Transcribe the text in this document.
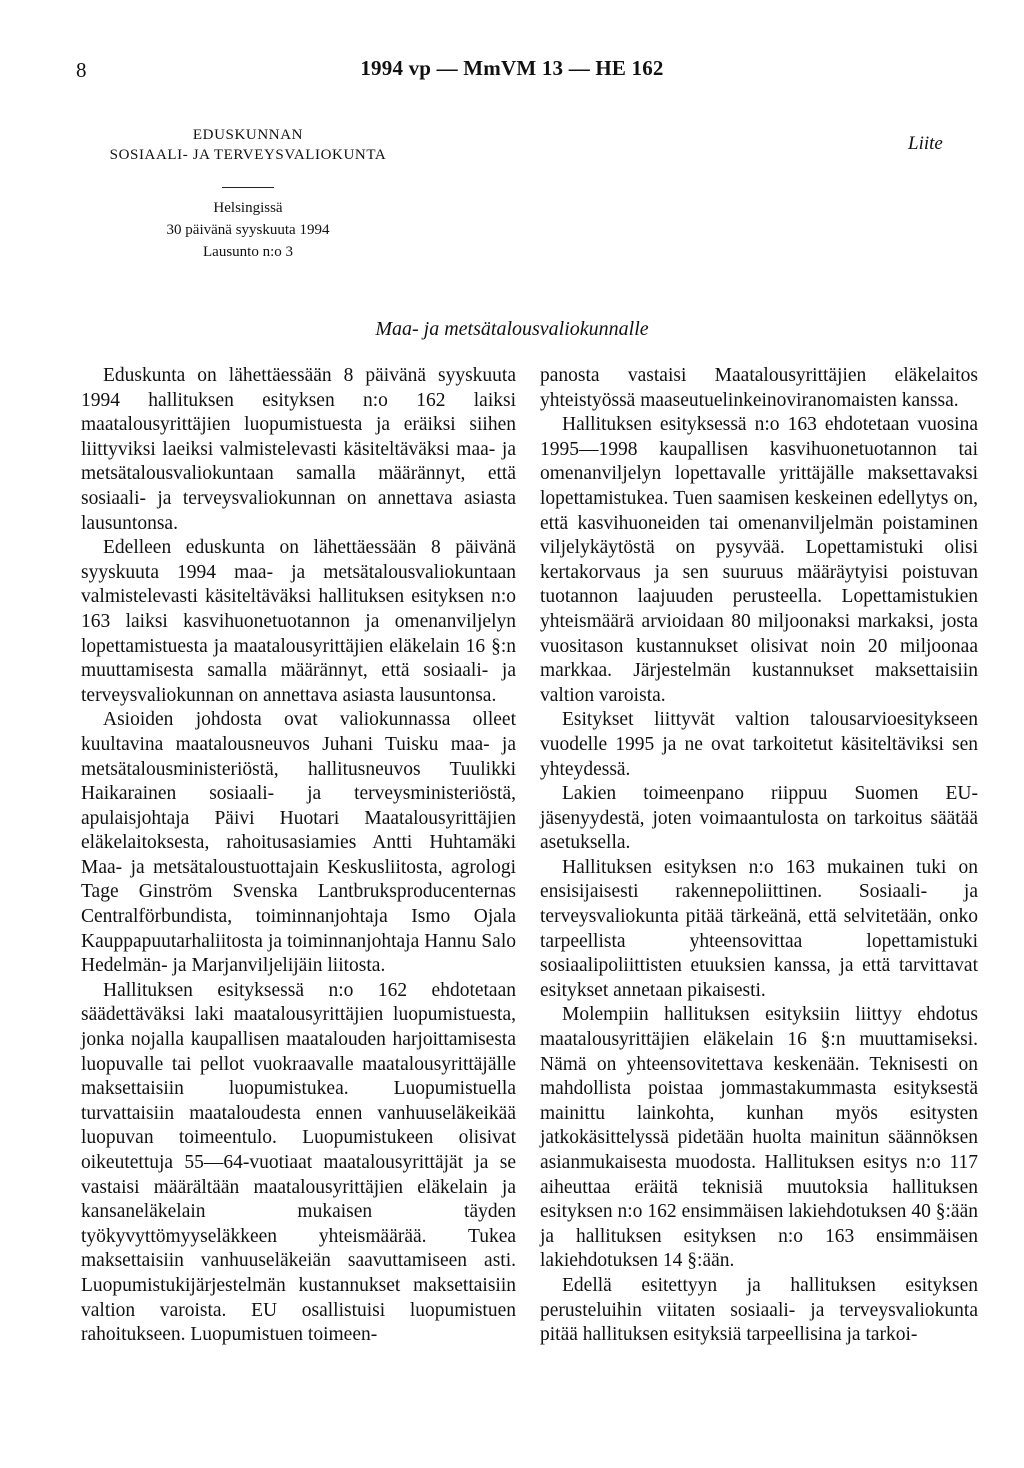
8	1994 vp — MmVM 13 — HE 162
EDUSKUNNAN
SOSIAALI- JA TERVEYSVALIOKUNTA
Helsingissä
30 päivänä syyskuuta 1994
Lausunto n:o 3
Liite
Maa- ja metsätalousvaliokunnalle

Eduskunta on lähettäessään 8 päivänä syyskuuta 1994 hallituksen esityksen n:o 162 laiksi maatalousyrittäjien luopumistuesta ja eräiksi siihen liittyviksi laeiksi valmistelevasti käsiteltäväksi maa- ja metsätalousvaliokuntaan samalla määrännyt, että sosiaali- ja terveysvaliokunnan on annettava asiasta lausuntonsa.

Edelleen eduskunta on lähettäessään 8 päivänä syyskuuta 1994 maa- ja metsätalousvaliokuntaan valmistelevasti käsiteltäväksi hallituksen esityksen n:o 163 laiksi kasvihuonetuotannon ja omenanviljelyn lopettamistuesta ja maatalousyrittäjien eläkelain 16 §:n muuttamisesta samalla määrännyt, että sosiaali- ja terveysvaliokunnan on annettava asiasta lausuntonsa.

Asioiden johdosta ovat valiokunnassa olleet kuultavina maatalousneuvos Juhani Tuisku maa- ja metsätalousministeriöstä, hallitusneuvos Tuulikki Haikarainen sosiaali- ja terveysministeriöstä, apulaisjohtaja Päivi Huotari Maatalousyrittäjien eläkelaitoksesta, rahoitusasiamies Antti Huhtamäki Maa- ja metsätaloustuottajain Keskusliitosta, agrologi Tage Ginström Svenska Lantbruksproducenternas Centralförbundista, toiminnanjohtaja Ismo Ojala Kauppapuutarhaliitosta ja toiminnanjohtaja Hannu Salo Hedelmän- ja Marjanviljelijäin liitosta.

Hallituksen esityksessä n:o 162 ehdotetaan säädettäväksi laki maatalousyrittäjien luopumistuesta, jonka nojalla kaupallisen maatalouden harjoittamisesta luopuvalle tai pellot vuokraavalle maatalousyrittäjälle maksettaisiin luopumistukea. Luopumistuella turvattaisiin maataloudesta ennen vanhuuseläkeikää luopuvan toimeentulo. Luopumistukeen olisivat oikeutettuja 55—64-vuotiaat maatalousyrittäjät ja se vastaisi määrältään maatalousyrittäjien eläkelain ja kansaneläkelain mukaisen täyden työkyvyttömyyseläkkeen yhteismäärää. Tukea maksettaisiin vanhuuseläkeiän saavuttamiseen asti. Luopumistukijärjestelmän kustannukset maksettaisiin valtion varoista. EU osallistuisi luopumistuen rahoitukseen. Luopumistuen toimeen-

panosta vastaisi Maatalousyrittäjien eläkelaitos yhteistyössä maaseutuelinkeinoviranomaisten kanssa.

Hallituksen esityksessä n:o 163 ehdotetaan vuosina 1995—1998 kaupallisen kasvihuonetuotannon tai omenanviljelyn lopettavalle yrittäjälle maksettavaksi lopettamistukea. Tuen saamisen keskeinen edellytys on, että kasvihuoneiden tai omenanviljelmän poistaminen viljelykäytöstä on pysyvää. Lopettamistuki olisi kertakorvaus ja sen suuruus määräytyisi poistuvan tuotannon laajuuden perusteella. Lopettamistukien yhteismäärä arvioidaan 80 miljoonaksi markaksi, josta vuositason kustannukset olisivat noin 20 miljoonaa markkaa. Järjestelmän kustannukset maksettaisiin valtion varoista.

Esitykset liittyvät valtion talousarvioesitykseen vuodelle 1995 ja ne ovat tarkoitetut käsiteltäviksi sen yhteydessä.

Lakien toimeenpano riippuu Suomen EU-jäsenyydestä, joten voimaantulosta on tarkoitus säätää asetuksella.

Hallituksen esityksen n:o 163 mukainen tuki on ensisijaisesti rakennepoliittinen. Sosiaali- ja terveysvaliokunta pitää tärkeänä, että selvitetään, onko tarpeellista yhteensovittaa lopettamistuki sosiaalipoliittisten etuuksien kanssa, ja että tarvittavat esitykset annetaan pikaisesti.

Molempiin hallituksen esityksiin liittyy ehdotus maatalousyrittäjien eläkelain 16 §:n muuttamiseksi. Nämä on yhteensovitettava keskenään. Teknisesti on mahdollista poistaa jommastakummasta esityksestä mainittu lainkohta, kunhan myös esitysten jatkokäsittelyssä pidetään huolta mainitun säännöksen asianmukaisesta muodosta. Hallituksen esitys n:o 117 aiheuttaa eräitä teknisiä muutoksia hallituksen esityksen n:o 162 ensimmäisen lakiehdotuksen 40 §:ään ja hallituksen esityksen n:o 163 ensimmäisen lakiehdotuksen 14 §:ään.

Edellä esitettyyn ja hallituksen esityksen perusteluihin viitaten sosiaali- ja terveysvaliokunta pitää hallituksen esityksiä tarpeellisina ja tarkoi-
